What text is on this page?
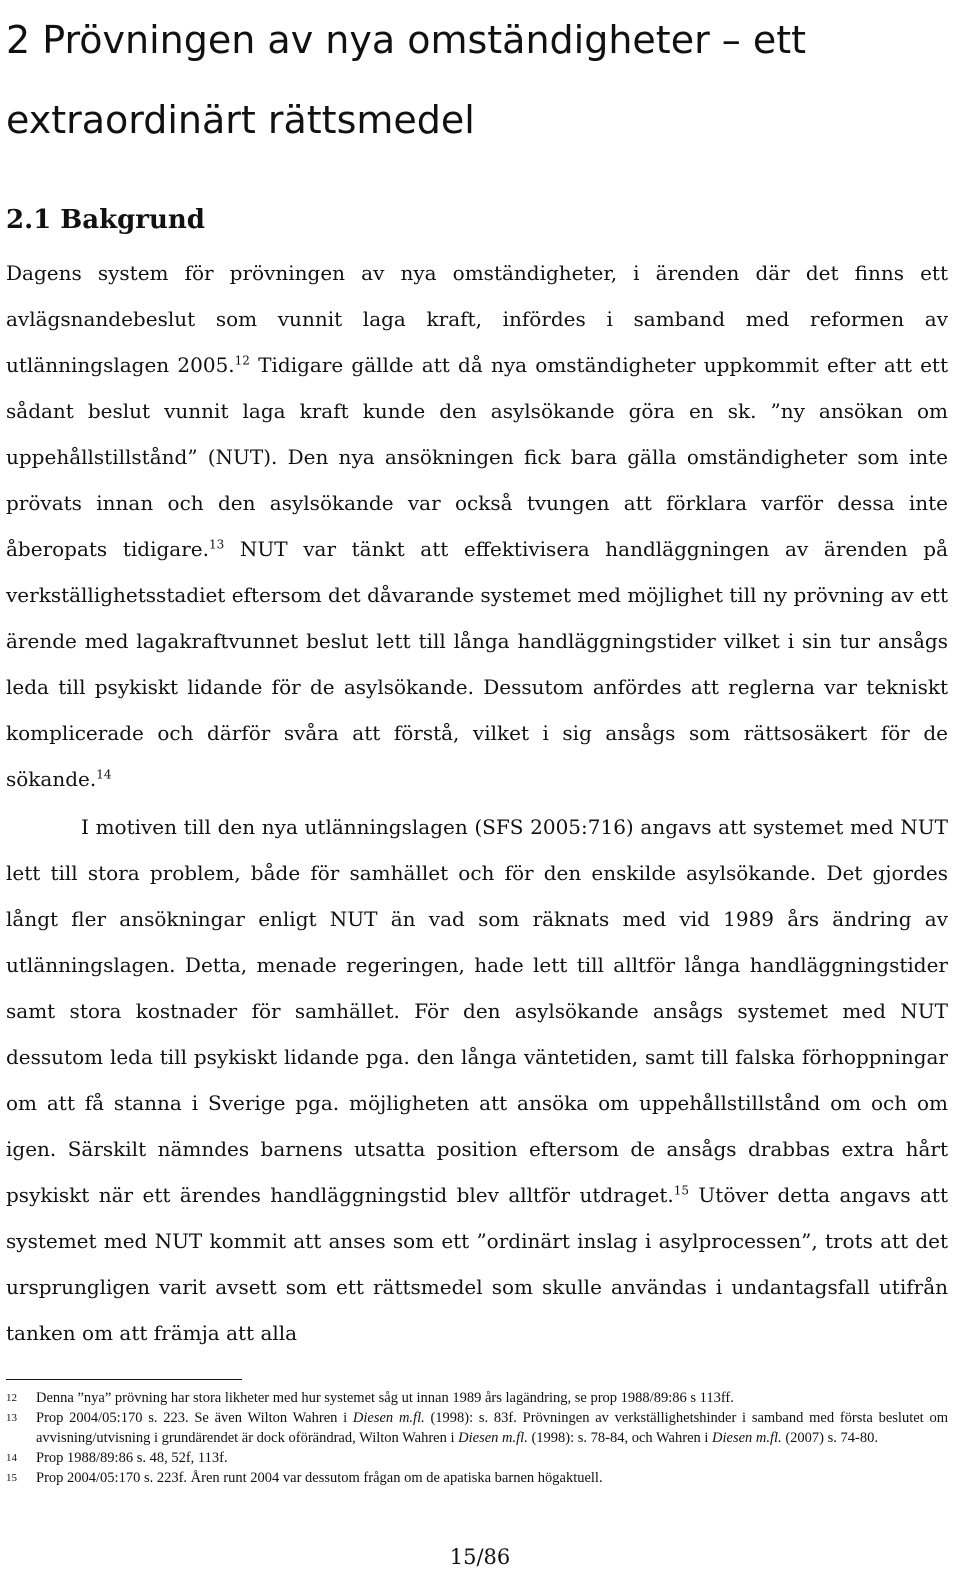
2 Prövningen av nya omständigheter – ett extraordinärt rättsmedel
2.1 Bakgrund

Dagens system för prövningen av nya omständigheter, i ärenden där det finns ett avlägsnandebeslut som vunnit laga kraft, infördes i samband med reformen av utlänningslagen 2005.12 Tidigare gällde att då nya omständigheter uppkommit efter att ett sådant beslut vunnit laga kraft kunde den asylsökande göra en sk. ”ny ansökan om uppehållstillstånd” (NUT). Den nya ansökningen fick bara gälla omständigheter som inte prövats innan och den asylsökande var också tvungen att förklara varför dessa inte åberopats tidigare.$^{13}$ NUT var tänkt att effektivisera handläggningen av ärenden på verkställighetsstadiet eftersom det dåvarande systemet med möjlighet till ny prövning av ett ärende med lagakraftvunnet beslut lett till långa handläggningstider vilket i sin tur ansågs leda till psykiskt lidande för de asylsökande. Dessutom anfördes att reglerna var tekniskt komplicerade och därför svåra att förstå, vilket i sig ansågs som rättsosäkert för de sökande.$^{14}$

I motiven till den nya utlänningslagen (SFS 2005:716) angavs att systemet med NUT lett till stora problem, både för samhället och för den enskilde asylsökande. Det gjordes långt fler ansökningar enligt NUT än vad som räknats med vid 1989 års ändring av utlänningslagen. Detta, menade regeringen, hade lett till alltför långa handläggningstider samt stora kostnader för samhället. För den asylsökande ansågs systemet med NUT dessutom leda till psykiskt lidande pga. den långa väntetiden, samt till falska förhoppningar om att få stanna i Sverige pga. möjligheten att ansöka om uppehållstillstånd om och om igen. Särskilt nämndes barnens utsatta position eftersom de ansågs drabbas extra hårt psykiskt när ett ärendes handläggningstid blev alltför utdraget.$^{15}$ Utöver detta angavs att systemet med NUT kommit att anses som ett ”ordinärt inslag i asylprocessen”, trots att det ursprungligen varit avsett som ett rättsmedel som skulle användas i undantagsfall utifrån tanken om att främja att alla

12	Denna ”nya” prövning har stora likheter med hur systemet såg ut innan 1989 års lagändring, se prop 1988/89:86 s 113ff.
13	Prop 2004/05:170 s. 223. Se även Wilton Wahren i Diesen m.fl. (1998): s. 83f. Prövningen av verkställighetshinder i samband med första beslutet om avvisning/utvisning i grundärendet är dock oförändrad, Wilton Wahren i Diesen m.fl. (1998): s. 78-84, och Wahren i Diesen m.fl. (2007) s. 74-80.
14	Prop 1988/89:86 s. 48, 52f, 113f.
15	Prop 2004/05:170 s. 223f. Åren runt 2004 var dessutom frågan om de apatiska barnen högaktuell.
15/86
